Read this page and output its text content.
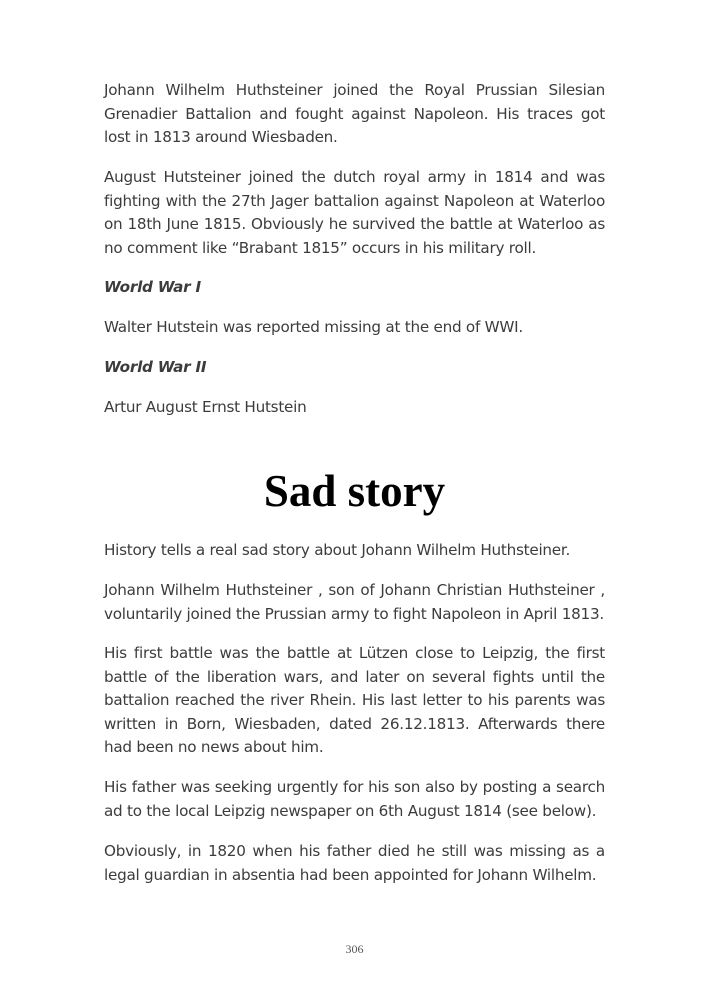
Johann Wilhelm Huthsteiner joined the Royal Prussian Silesian Grenadier Battalion and fought against Napoleon. His traces got lost in 1813 around Wiesbaden.

August Hutsteiner joined the dutch royal army in 1814 and was fighting with the 27th Jager battalion against Napoleon at Waterloo on 18th June 1815. Obviously he survived the battle at Waterloo as no comment like “Brabant 1815” occurs in his military roll.

World War I

Walter Hutstein was reported missing at the end of WWI.

World War II

Artur August Ernst Hutstein

Sad story

History tells a real sad story about Johann Wilhelm Huthsteiner.

Johann Wilhelm Huthsteiner , son of Johann Christian Huthsteiner , voluntarily joined the Prussian army to fight Napoleon in April 1813.

His first battle was the battle at Lützen close to Leipzig, the first battle of the liberation wars, and later on several fights until the battalion reached the river Rhein. His last letter to his parents was written in Born, Wiesbaden, dated 26.12.1813. Afterwards there had been no news about him.

His father was seeking urgently for his son also by posting a search ad to the local Leipzig newspaper on 6th August 1814 (see below).

Obviously, in 1820 when his father died he still was missing as a legal guardian in absentia had been appointed for Johann Wilhelm.

306
